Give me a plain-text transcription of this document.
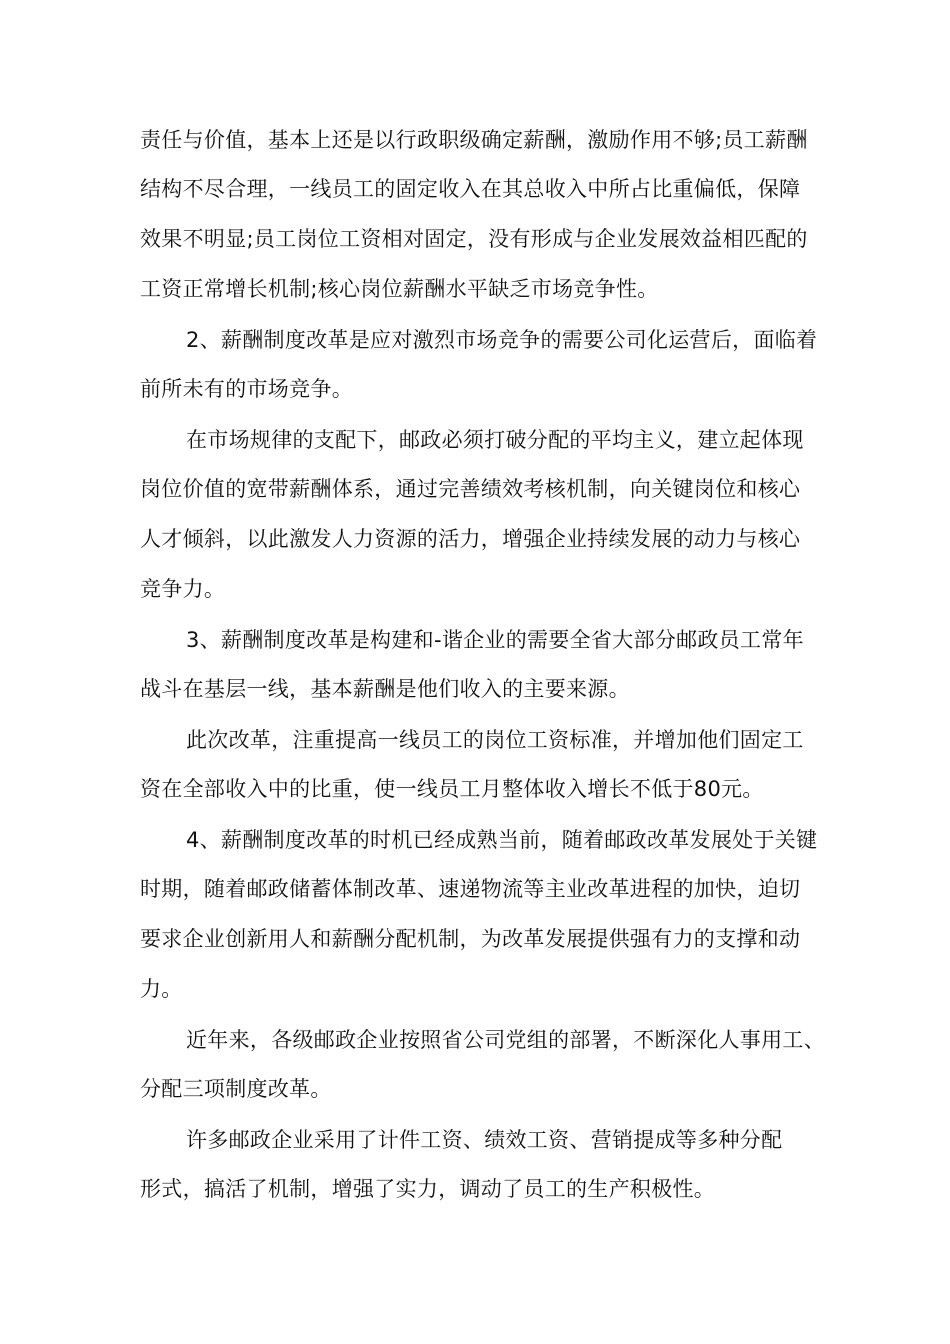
责任与价值，基本上还是以行政职级确定薪酬，激励作用不够;员工薪酬
结构不尽合理，一线员工的固定收入在其总收入中所占比重偏低，保障
效果不明显;员工岗位工资相对固定，没有形成与企业发展效益相匹配的
工资正常增长机制;核心岗位薪酬水平缺乏市场竞争性。
2、薪酬制度改革是应对激烈市场竞争的需要公司化运营后，面临着
前所未有的市场竞争。
在市场规律的支配下，邮政必须打破分配的平均主义，建立起体现
岗位价值的宽带薪酬体系，通过完善绩效考核机制，向关键岗位和核心
人才倾斜，以此激发人力资源的活力，增强企业持续发展的动力与核心
竞争力。
3、薪酬制度改革是构建和-谐企业的需要全省大部分邮政员工常年
战斗在基层一线，基本薪酬是他们收入的主要来源。
此次改革，注重提高一线员工的岗位工资标准，并增加他们固定工
资在全部收入中的比重，使一线员工月整体收入增长不低于80元。
4、薪酬制度改革的时机已经成熟当前，随着邮政改革发展处于关键
时期，随着邮政储蓄体制改革、速递物流等主业改革进程的加快，迫切
要求企业创新用人和薪酬分配机制，为改革发展提供强有力的支撑和动
力。
近年来，各级邮政企业按照省公司党组的部署，不断深化人事用工、
分配三项制度改革。
许多邮政企业采用了计件工资、绩效工资、营销提成等多种分配
形式，搞活了机制，增强了实力，调动了员工的生产积极性。
